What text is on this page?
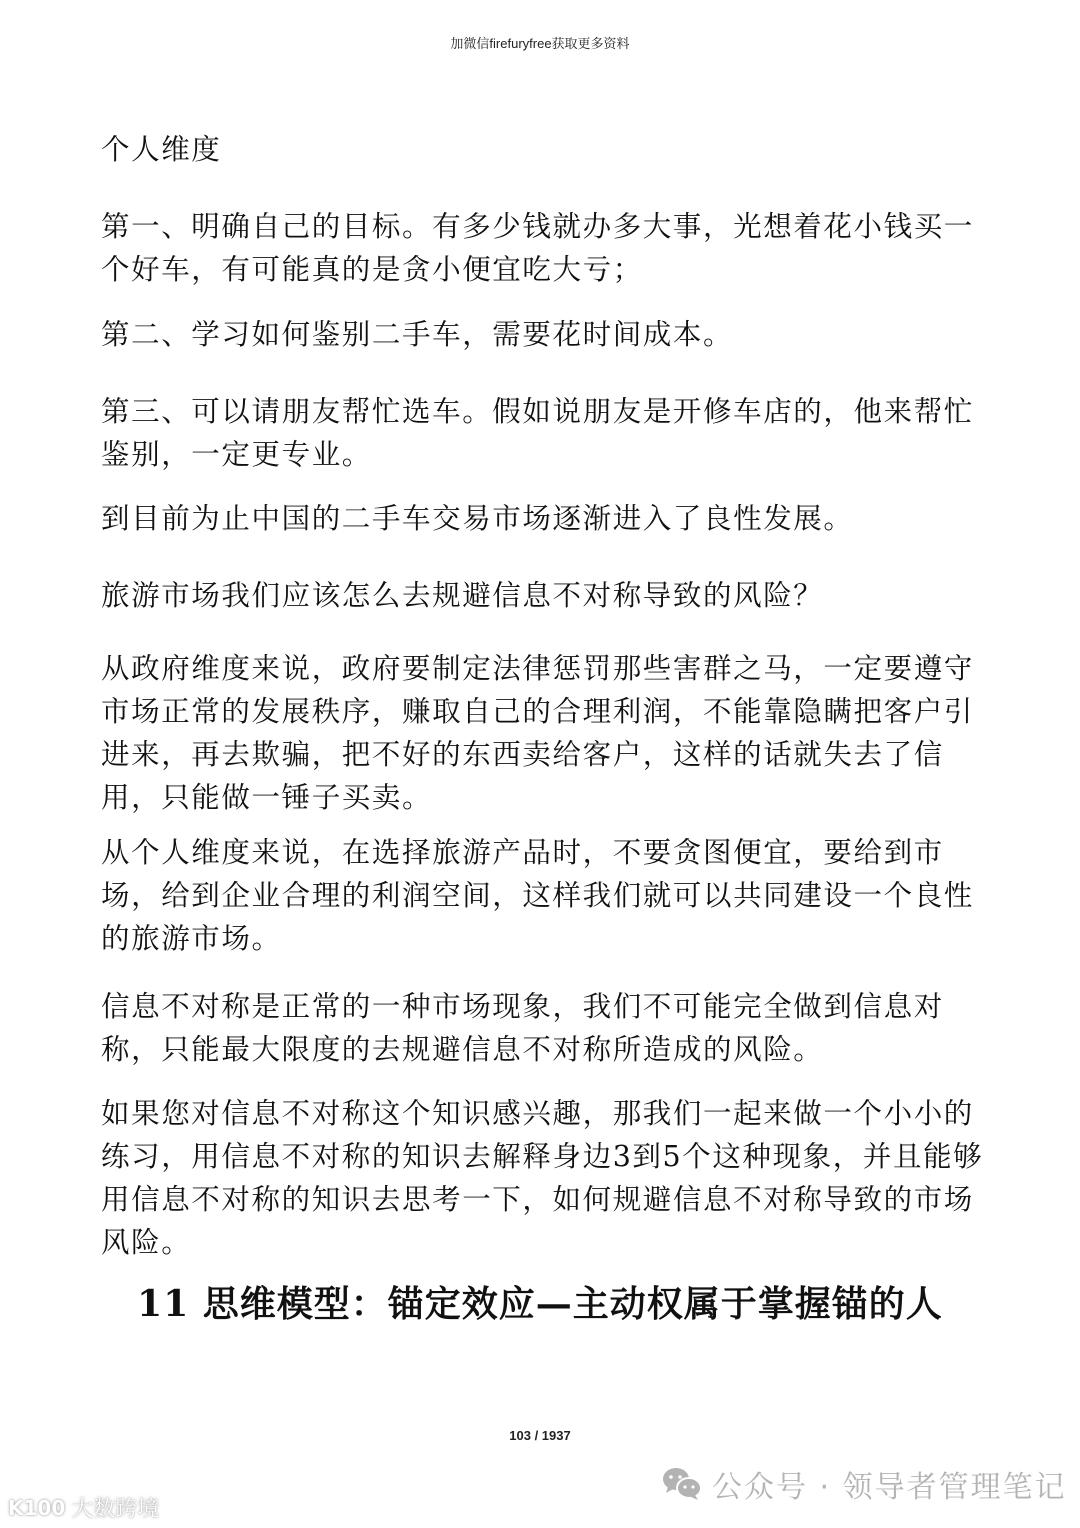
加微信firefuryfree获取更多资料

个人维度

第一、明确自己的目标。有多少钱就办多大事，光想着花小钱买一个好车，有可能真的是贪小便宜吃大亏；

第二、学习如何鉴别二手车，需要花时间成本。

第三、可以请朋友帮忙选车。假如说朋友是开修车店的，他来帮忙鉴别，一定更专业。

到目前为止中国的二手车交易市场逐渐进入了良性发展。

旅游市场我们应该怎么去规避信息不对称导致的风险？

从政府维度来说，政府要制定法律惩罚那些害群之马，一定要遵守市场正常的发展秩序，赚取自己的合理利润，不能靠隐瞒把客户引进来，再去欺骗，把不好的东西卖给客户，这样的话就失去了信用，只能做一锤子买卖。

从个人维度来说，在选择旅游产品时，不要贪图便宜，要给到市场，给到企业合理的利润空间，这样我们就可以共同建设一个良性的旅游市场。

信息不对称是正常的一种市场现象，我们不可能完全做到信息对称，只能最大限度的去规避信息不对称所造成的风险。

如果您对信息不对称这个知识感兴趣，那我们一起来做一个小小的练习，用信息不对称的知识去解释身边3到5个这种现象，并且能够用信息不对称的知识去思考一下，如何规避信息不对称导致的市场风险。

11 思维模型：锚定效应—主动权属于掌握锚的人
103 / 1937
公众号 · 领导者管理笔记
K100 大数跨境
